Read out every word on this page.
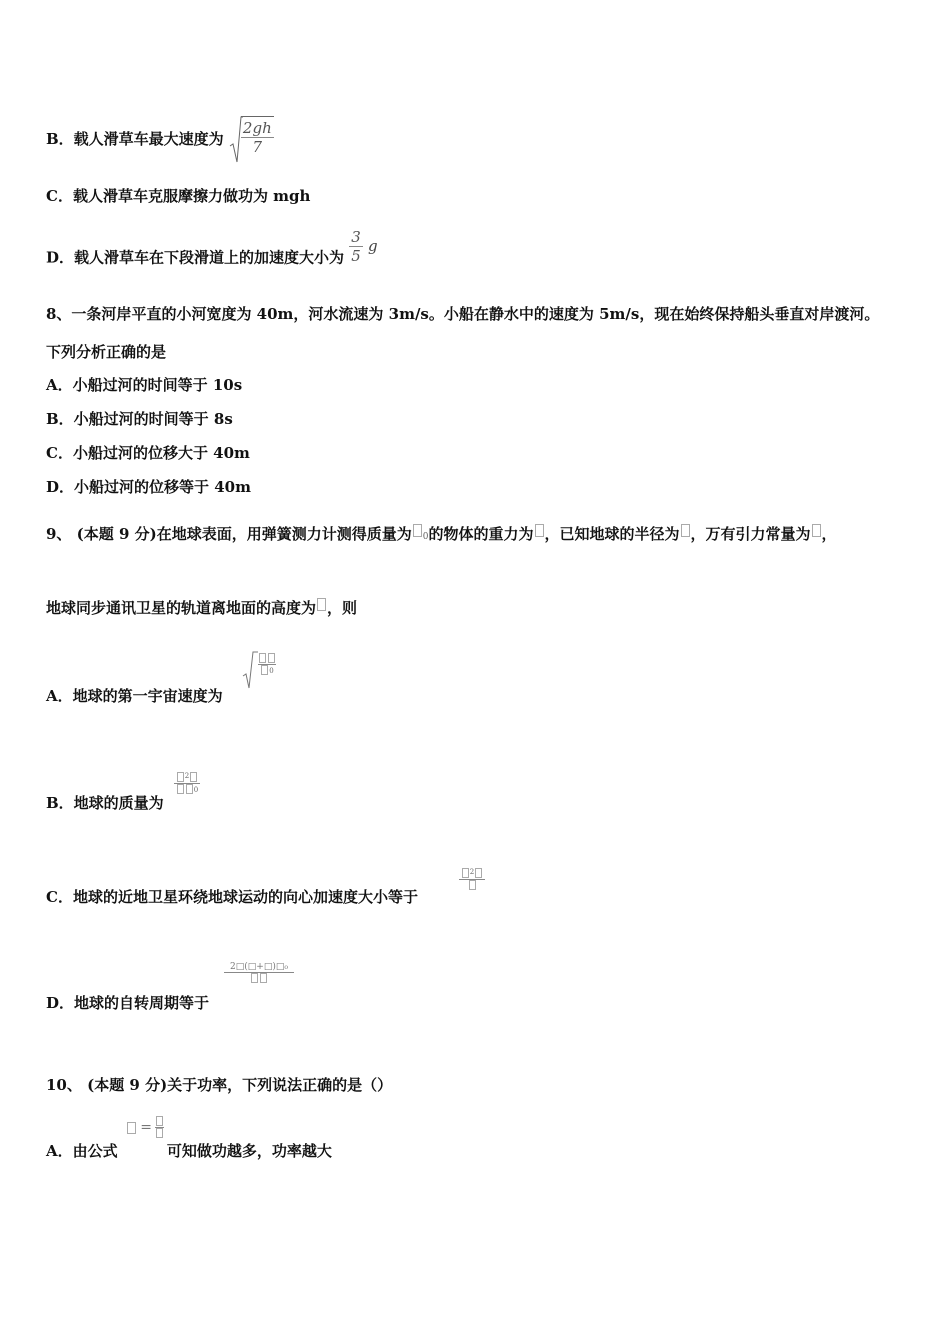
B．载人滑草车最大速度为 $\frac{2gh}{7}$
C．载人滑草车克服摩擦力做功为 mgh
D．载人滑草车在下段滑道上的加速度大小为 $\frac{3}{5}$ g
8、一条河岸平直的小河宽度为 40m，河水流速为 3m/s。小船在静水中的速度为 5m/s，现在始终保持船头垂直对岸渡河。
下列分析正确的是
A．小船过河的时间等于 10s
B．小船过河的时间等于 8s
C．小船过河的位移大于 40m
D．小船过河的位移等于 40m
9、 (本题 9 分)在地球表面，用弹簧测力计测得质量为 0的物体的重力为 ，已知地球的半径为 ，万有引力常量为 ，
地球同步通讯卫星的轨道离地面的高度为 ，则
A．地球的第一宇宙速度为
0
B．地球的质量为
$^2$
0
C．地球的近地卫星环绕地球运动的向心加速度大小等于
$^2$
D．地球的自转周期等于
2□(□+□)□₀
10、 (本题 9 分)关于功率，下列说法正确的是（）
A．由公式	可知做功越多，功率越大
=
